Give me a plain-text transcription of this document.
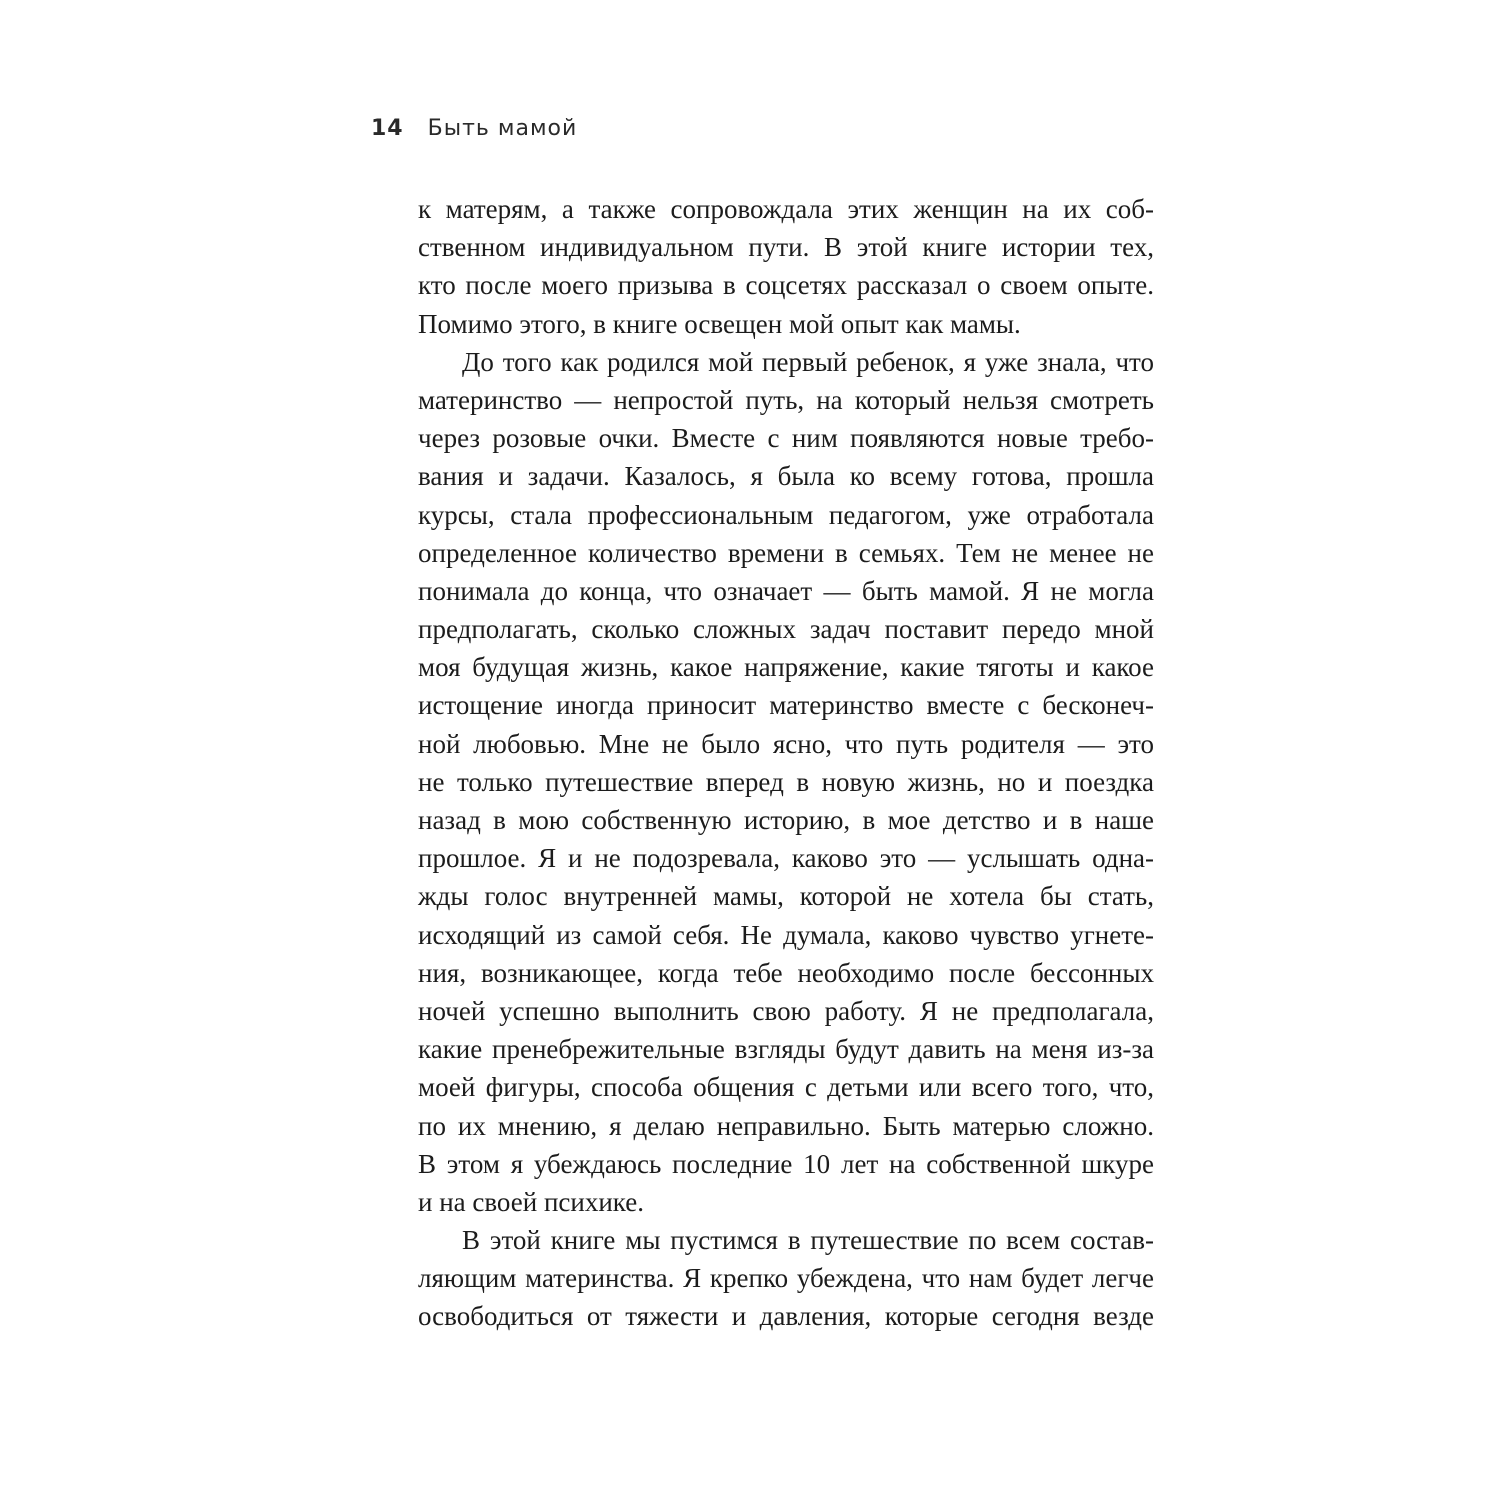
14 Быть мамой
к матерям, а также сопровождала этих женщин на их соб-
ственном индивидуальном пути. В этой книге истории тех,
кто после моего призыва в соцсетях рассказал о своем опыте.
Помимо этого, в книге освещен мой опыт как мамы.
До того как родился мой первый ребенок, я уже знала, что
материнство — непростой путь, на который нельзя смотреть
через розовые очки. Вместе с ним появляются новые требо-
вания и задачи. Казалось, я была ко всему готова, прошла
курсы, стала профессиональным педагогом, уже отработала
определенное количество времени в семьях. Тем не менее не
понимала до конца, что означает — быть мамой. Я не могла
предполагать, сколько сложных задач поставит передо мной
моя будущая жизнь, какое напряжение, какие тяготы и какое
истощение иногда приносит материнство вместе с бесконеч-
ной любовью. Мне не было ясно, что путь родителя — это
не только путешествие вперед в новую жизнь, но и поездка
назад в мою собственную историю, в мое детство и в наше
прошлое. Я и не подозревала, каково это — услышать одна-
жды голос внутренней мамы, которой не хотела бы стать,
исходящий из самой себя. Не думала, каково чувство угнете-
ния, возникающее, когда тебе необходимо после бессонных
ночей успешно выполнить свою работу. Я не предполагала,
какие пренебрежительные взгляды будут давить на меня из-за
моей фигуры, способа общения с детьми или всего того, что,
по их мнению, я делаю неправильно. Быть матерью сложно.
В этом я убеждаюсь последние 10 лет на собственной шкуре
и на своей психике.
В этой книге мы пустимся в путешествие по всем состав-
ляющим материнства. Я крепко убеждена, что нам будет легче
освободиться от тяжести и давления, которые сегодня везде
